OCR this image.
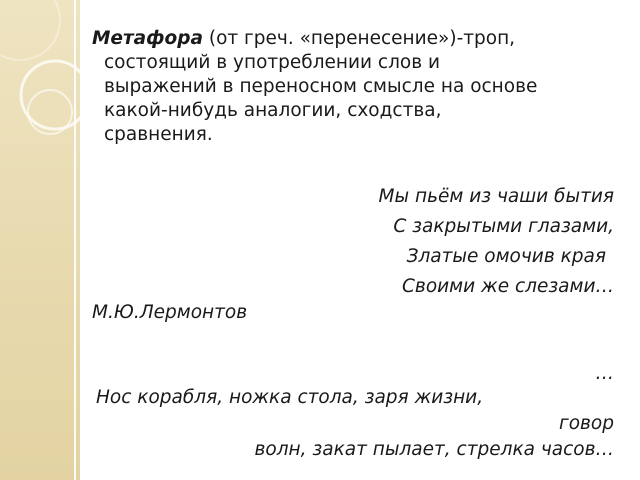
Метафора (от греч. «перенесение»)-троп,
состоящий в употреблении слов и
выражений в переносном смысле на основе
какой-нибудь аналогии, сходства,
сравнения.
Мы пьём из чаши бытия
С закрытыми глазами,
Златые омочив края
Своими же слезами…
М.Ю.Лермонтов
…
Нос корабля, ножка стола, заря жизни,
говор
волн, закат пылает, стрелка часов…
